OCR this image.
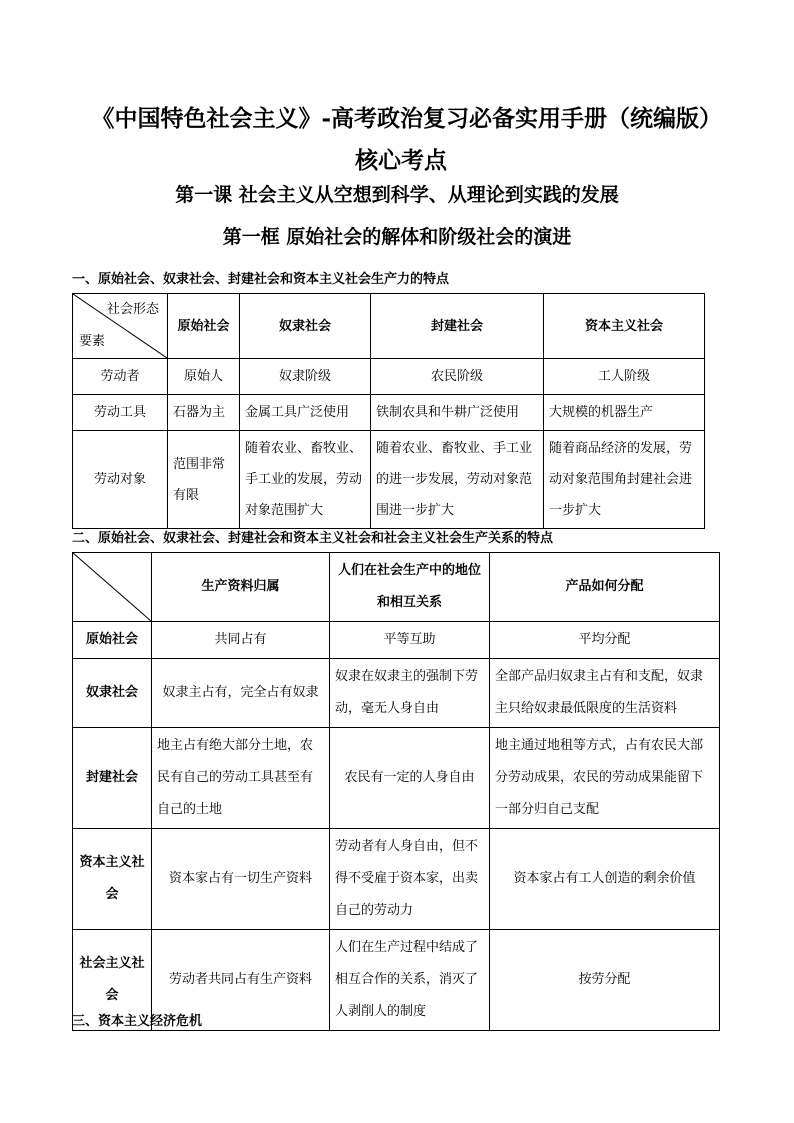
《中国特色社会主义》-高考政治复习必备实用手册（统编版）核心考点
第一课 社会主义从空想到科学、从理论到实践的发展
第一框 原始社会的解体和阶级社会的演进
一、原始社会、奴隶社会、封建社会和资本主义社会生产力的特点
社会形态
要素	原始社会	奴隶社会	封建社会	资本主义社会
劳动者	原始人	奴隶阶级	农民阶级	工人阶级
劳动工具	石器为主	金属工具广泛使用	铁制农具和牛耕广泛使用	大规模的机器生产
劳动对象	范围非常有限	随着农业、畜牧业、手工业的发展，劳动对象范围扩大	随着农业、畜牧业、手工业的进一步发展，劳动对象范围进一步扩大	随着商品经济的发展，劳动对象范围角封建社会进一步扩大
二、原始社会、奴隶社会、封建社会和资本主义社会和社会主义社会生产关系的特点
	生产资料归属	人们在社会生产中的地位和相互关系	产品如何分配
原始社会	共同占有	平等互助	平均分配
奴隶社会	奴隶主占有，完全占有奴隶	奴隶在奴隶主的强制下劳动，毫无人身自由	全部产品归奴隶主占有和支配，奴隶主只给奴隶最低限度的生活资料
封建社会	地主占有绝大部分土地，农民有自己的劳动工具甚至有自己的土地	农民有一定的人身自由	地主通过地租等方式，占有农民大部分劳动成果，农民的劳动成果能留下一部分归自己支配
资本主义社会	资本家占有一切生产资料	劳动者有人身自由，但不得不受雇于资本家，出卖自己的劳动力	资本家占有工人创造的剩余价值
社会主义社会	劳动者共同占有生产资料	人们在生产过程中结成了相互合作的关系，消灭了人剥削人的制度	按劳分配
三、资本主义经济危机
